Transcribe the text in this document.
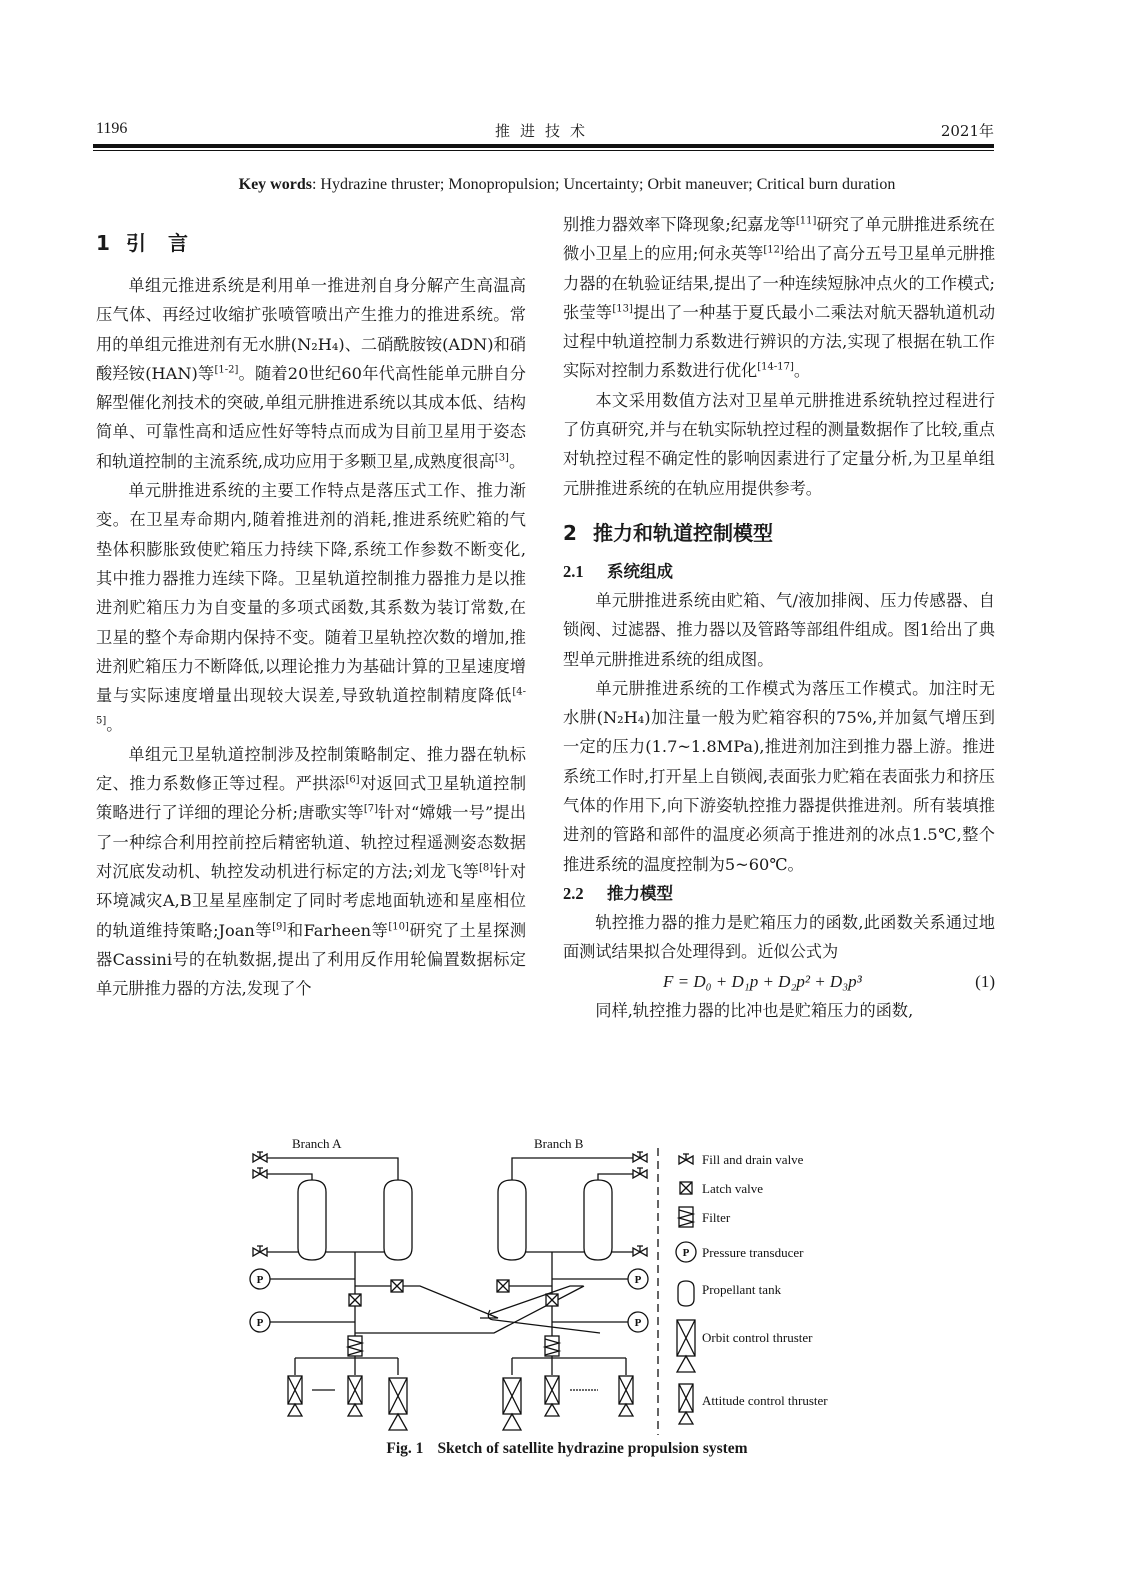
1196	推进技术	2021年
Key words: Hydrazine thruster; Monopropulsion; Uncertainty; Orbit maneuver; Critical burn duration
1 引言

单组元推进系统是利用单一推进剂自身分解产生高温高压气体、再经过收缩扩张喷管喷出产生推力的推进系统。常用的单组元推进剂有无水肼(N₂H₄)、二硝酰胺铵(ADN)和硝酸羟铵(HAN)等[1-2]。随着20世纪60年代高性能单元肼自分解型催化剂技术的突破,单组元肼推进系统以其成本低、结构简单、可靠性高和适应性好等特点而成为目前卫星用于姿态和轨道控制的主流系统,成功应用于多颗卫星,成熟度很高[3]。

单元肼推进系统的主要工作特点是落压式工作、推力渐变。在卫星寿命期内,随着推进剂的消耗,推进系统贮箱的气垫体积膨胀致使贮箱压力持续下降,系统工作参数不断变化,其中推力器推力连续下降。卫星轨道控制推力器推力是以推进剂贮箱压力为自变量的多项式函数,其系数为装订常数,在卫星的整个寿命期内保持不变。随着卫星轨控次数的增加,推进剂贮箱压力不断降低,以理论推力为基础计算的卫星速度增量与实际速度增量出现较大误差,导致轨道控制精度降低[4-5]。

单组元卫星轨道控制涉及控制策略制定、推力器在轨标定、推力系数修正等过程。严拱添[6]对返回式卫星轨道控制策略进行了详细的理论分析;唐歌实等[7]针对“嫦娥一号”提出了一种综合利用控前控后精密轨道、轨控过程遥测姿态数据对沉底发动机、轨控发动机进行标定的方法;刘龙飞等[8]针对环境减灾A,B卫星星座制定了同时考虑地面轨迹和星座相位的轨道维持策略;Joan等[9]和Farheen等[10]研究了土星探测器Cassini号的在轨数据,提出了利用反作用轮偏置数据标定单元肼推力器的方法,发现了个

别推力器效率下降现象;纪嘉龙等[11]研究了单元肼推进系统在微小卫星上的应用;何永英等[12]给出了高分五号卫星单元肼推力器的在轨验证结果,提出了一种连续短脉冲点火的工作模式;张莹等[13]提出了一种基于夏氏最小二乘法对航天器轨道机动过程中轨道控制力系数进行辨识的方法,实现了根据在轨工作实际对控制力系数进行优化[14-17]。

本文采用数值方法对卫星单元肼推进系统轨控过程进行了仿真研究,并与在轨实际轨控过程的测量数据作了比较,重点对轨控过程不确定性的影响因素进行了定量分析,为卫星单组元肼推进系统的在轨应用提供参考。

2 推力和轨道控制模型
2.1 系统组成

单元肼推进系统由贮箱、气/液加排阀、压力传感器、自锁阀、过滤器、推力器以及管路等部组件组成。图1给出了典型单元肼推进系统的组成图。

单元肼推进系统的工作模式为落压工作模式。加注时无水肼(N₂H₄)加注量一般为贮箱容积的75%,并加氦气增压到一定的压力(1.7~1.8MPa),推进剂加注到推力器上游。推进系统工作时,打开星上自锁阀,表面张力贮箱在表面张力和挤压气体的作用下,向下游姿轨控推力器提供推进剂。所有装填推进剂的管路和部件的温度必须高于推进剂的冰点1.5℃,整个推进系统的温度控制为5~60℃。

2.2 推力模型

轨控推力器的推力是贮箱压力的函数,此函数关系通过地面测试结果拟合处理得到。近似公式为

F = D₀ + D₁p + D₂p² + D₃p³	(1)

同样,轨控推力器的比冲也是贮箱压力的函数,

P
Branch A	Branch B
Fill and drain valve
Latch valve
Filter
Pressure transducer
Propellant tank
Orbit control thruster
Attitude control thruster
Fig. 1 Sketch of satellite hydrazine propulsion system
